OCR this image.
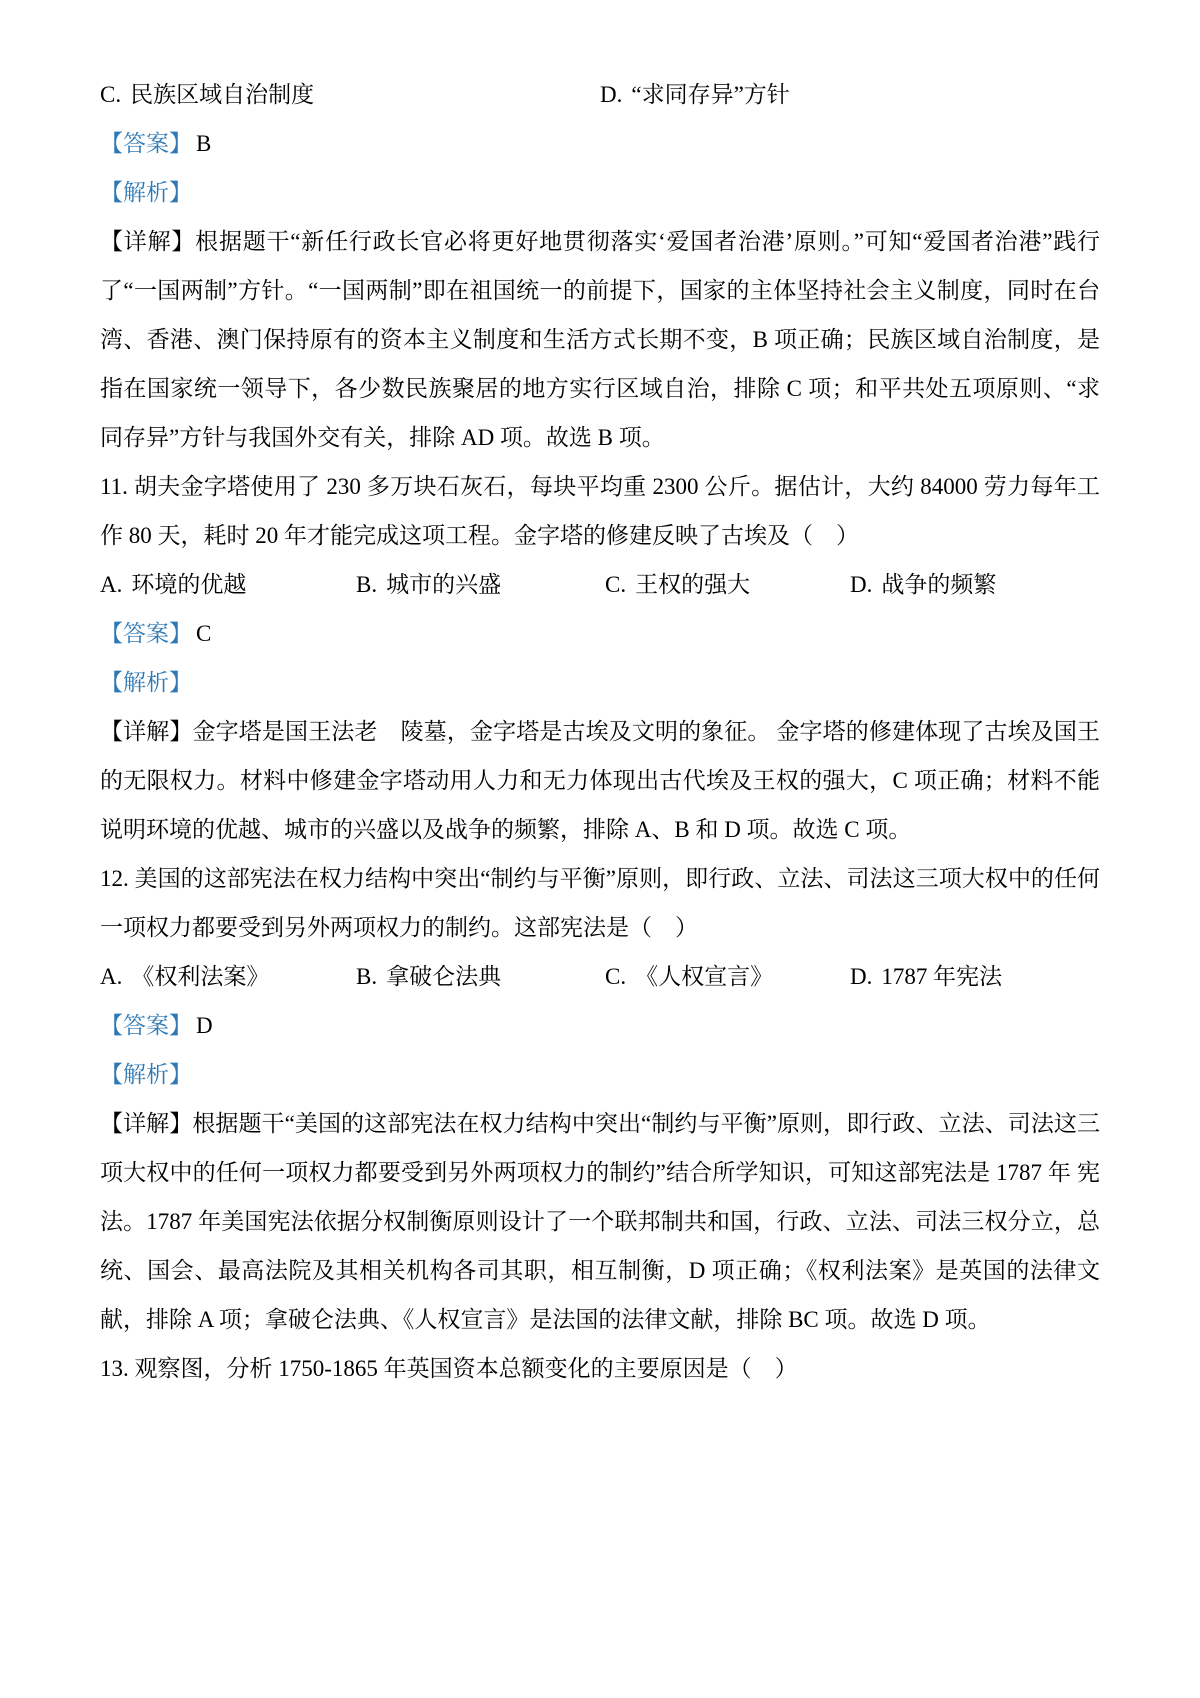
C. 民族区域自治制度	D. “求同存异”方针

【答案】 B

【解析】

【详解】根据题干“新任行政长官必将更好地贯彻落实‘爱国者治港’原则。”可知“爱国者治港”践行了“一国两制”方针。“一国两制”即在祖国统一的前提下，国家的主体坚持社会主义制度，同时在台湾、香港、澳门保持原有的资本主义制度和生活方式长期不变，B 项正确；民族区域自治制度，是指在国家统一领导下，各少数民族聚居的地方实行区域自治，排除 C 项；和平共处五项原则、“求同存异”方针与我国外交有关，排除 AD 项。故选 B 项。

11. 胡夫金字塔使用了 230 多万块石灰石，每块平均重 2300 公斤。据估计，大约 84000 劳力每年工作 80 天，耗时 20 年才能完成这项工程。金字塔的修建反映了古埃及（　）

A. 环境的优越	B. 城市的兴盛	C. 王权的强大	D. 战争的频繁

【答案】 C

【解析】

【详解】金字塔是国王法老　陵墓，金字塔是古埃及文明的象征。 金字塔的修建体现了古埃及国王的无限权力。材料中修建金字塔动用人力和无力体现出古代埃及王权的强大，C 项正确；材料不能说明环境的优越、城市的兴盛以及战争的频繁，排除 A、B 和 D 项。故选 C 项。

12. 美国的这部宪法在权力结构中突出“制约与平衡”原则，即行政、立法、司法这三项大权中的任何一项权力都要受到另外两项权力的制约。这部宪法是（　）

A. 《权利法案》	B. 拿破仑法典	C. 《人权宣言》	D. 1787 年宪法

【答案】 D

【解析】

【详解】根据题干“美国的这部宪法在权力结构中突出“制约与平衡”原则，即行政、立法、司法这三项大权中的任何一项权力都要受到另外两项权力的制约”结合所学知识，可知这部宪法是 1787 年 宪法。1787 年美国宪法依据分权制衡原则设计了一个联邦制共和国，行政、立法、司法三权分立，总统、国会、最高法院及其相关机构各司其职，相互制衡，D 项正确；《权利法案》是英国的法律文献，排除 A 项；拿破仑法典、《人权宣言》是法国的法律文献，排除 BC 项。故选 D 项。

13. 观察图，分析 1750-1865 年英国资本总额变化的主要原因是（　）
